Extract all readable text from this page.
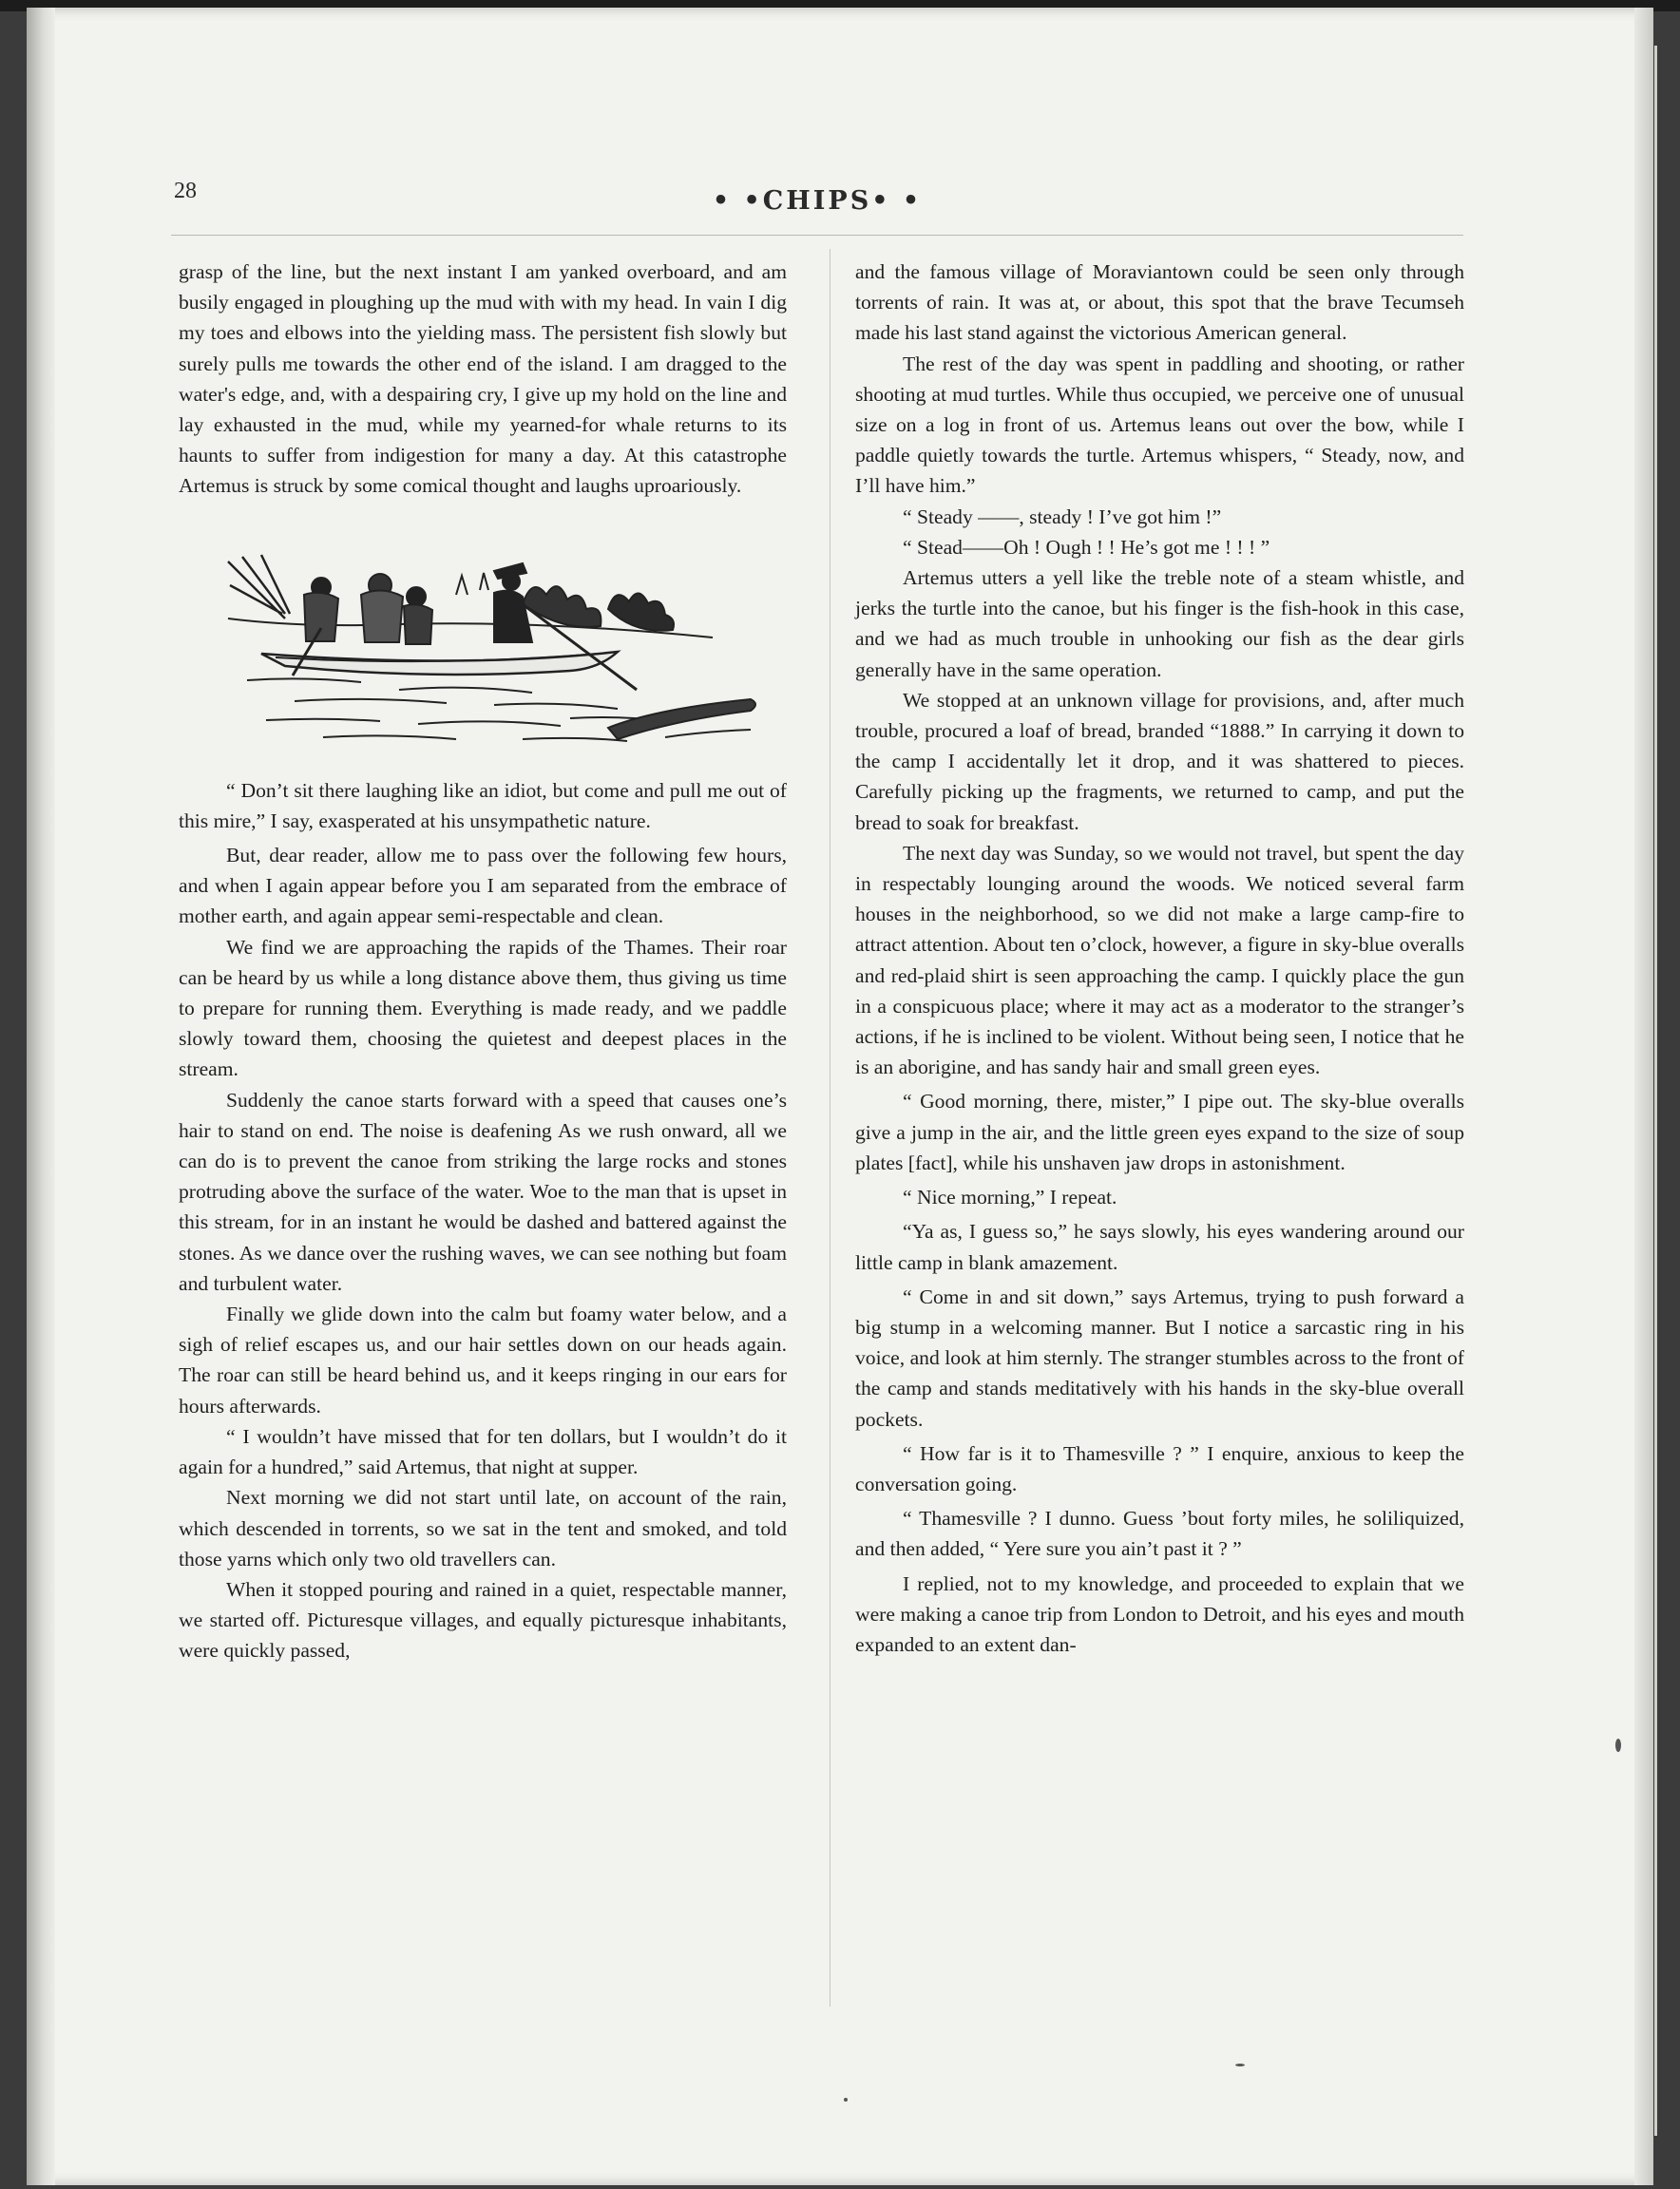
28	• •CHIPS• •

grasp of the line, but the next instant I am yanked overboard, and am busily engaged in ploughing up the mud with with my head. In vain I dig my toes and elbows into the yielding mass. The persistent fish slowly but surely pulls me towards the other end of the island. I am dragged to the water's edge, and, with a despairing cry, I give up my hold on the line and lay exhausted in the mud, while my yearned-for whale returns to its haunts to suffer from indigestion for many a day. At this catastrophe Artemus is struck by some comical thought and laughs uproariously.

“ Don’t sit there laughing like an idiot, but come and pull me out of this mire,” I say, exasperated at his unsympathetic nature.

But, dear reader, allow me to pass over the following few hours, and when I again appear before you I am separated from the embrace of mother earth, and again appear semi-respectable and clean.

We find we are approaching the rapids of the Thames. Their roar can be heard by us while a long distance above them, thus giving us time to prepare for running them. Everything is made ready, and we paddle slowly toward them, choosing the quietest and deepest places in the stream.

Suddenly the canoe starts forward with a speed that causes one’s hair to stand on end. The noise is deafening As we rush onward, all we can do is to prevent the canoe from striking the large rocks and stones protruding above the surface of the water. Woe to the man that is upset in this stream, for in an instant he would be dashed and battered against the stones. As we dance over the rushing waves, we can see nothing but foam and turbulent water.

Finally we glide down into the calm but foamy water below, and a sigh of relief escapes us, and our hair settles down on our heads again. The roar can still be heard behind us, and it keeps ringing in our ears for hours afterwards.

“ I wouldn’t have missed that for ten dollars, but I wouldn’t do it again for a hundred,” said Artemus, that night at supper.

Next morning we did not start until late, on account of the rain, which descended in torrents, so we sat in the tent and smoked, and told those yarns which only two old travellers can.

When it stopped pouring and rained in a quiet, respectable manner, we started off. Picturesque villages, and equally picturesque inhabitants, were quickly passed,

and the famous village of Moraviantown could be seen only through torrents of rain. It was at, or about, this spot that the brave Tecumseh made his last stand against the victorious American general.

The rest of the day was spent in paddling and shooting, or rather shooting at mud turtles. While thus occupied, we perceive one of unusual size on a log in front of us. Artemus leans out over the bow, while I paddle quietly towards the turtle. Artemus whispers, “ Steady, now, and I’ll have him.”

“ Steady ——, steady ! I’ve got him !”

“ Stead——Oh ! Ough ! ! He’s got me ! ! ! ”

Artemus utters a yell like the treble note of a steam whistle, and jerks the turtle into the canoe, but his finger is the fish-hook in this case, and we had as much trouble in unhooking our fish as the dear girls generally have in the same operation.

We stopped at an unknown village for provisions, and, after much trouble, procured a loaf of bread, branded “1888.” In carrying it down to the camp I accidentally let it drop, and it was shattered to pieces. Carefully picking up the fragments, we returned to camp, and put the bread to soak for breakfast.

The next day was Sunday, so we would not travel, but spent the day in respectably lounging around the woods. We noticed several farm houses in the neighborhood, so we did not make a large camp-fire to attract attention. About ten o’clock, however, a figure in sky-blue overalls and red-plaid shirt is seen approaching the camp. I quickly place the gun in a conspicuous place; where it may act as a moderator to the stranger’s actions, if he is inclined to be violent. Without being seen, I notice that he is an aborigine, and has sandy hair and small green eyes.

“ Good morning, there, mister,” I pipe out. The sky-blue overalls give a jump in the air, and the little green eyes expand to the size of soup plates [fact], while his unshaven jaw drops in astonishment.

“ Nice morning,” I repeat.

“Ya as, I guess so,” he says slowly, his eyes wandering around our little camp in blank amazement.

“ Come in and sit down,” says Artemus, trying to push forward a big stump in a welcoming manner. But I notice a sarcastic ring in his voice, and look at him sternly. The stranger stumbles across to the front of the camp and stands meditatively with his hands in the sky-blue overall pockets.

“ How far is it to Thamesville ? ” I enquire, anxious to keep the conversation going.

“ Thamesville ? I dunno. Guess ’bout forty miles, he soliliquized, and then added, “ Yere sure you ain’t past it ? ”

I replied, not to my knowledge, and proceeded to explain that we were making a canoe trip from London to Detroit, and his eyes and mouth expanded to an extent dan-
